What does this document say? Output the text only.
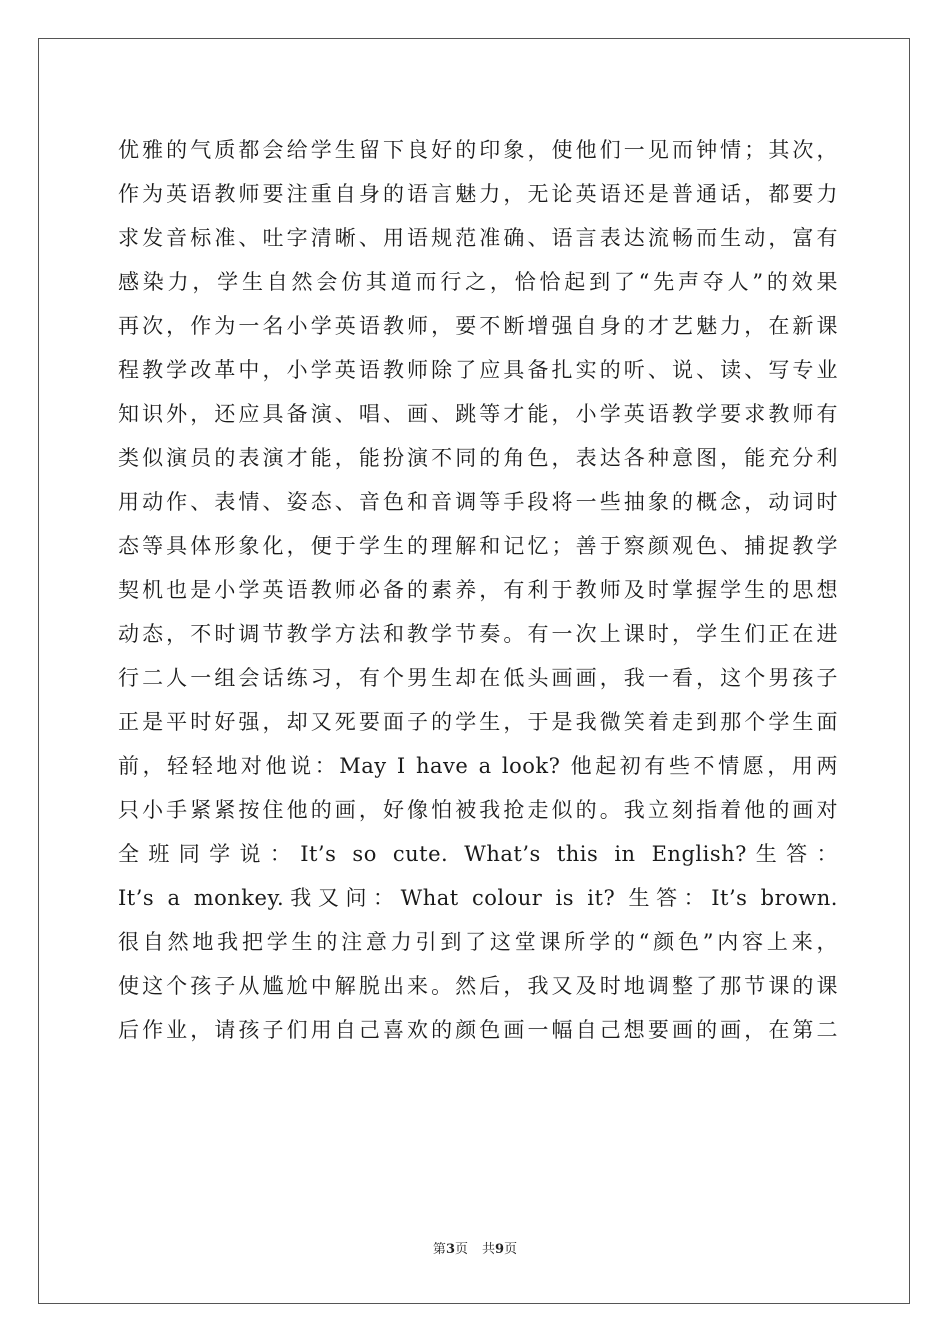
优雅的气质都会给学生留下良好的印象，使他们一见而钟情；其次，
作为英语教师要注重自身的语言魅力，无论英语还是普通话，都要力
求发音标准、吐字清晰、用语规范准确、语言表达流畅而生动，富有
感染力，学生自然会仿其道而行之，恰恰起到了“先声夺人”的效果
再次，作为一名小学英语教师，要不断增强自身的才艺魅力，在新课
程教学改革中，小学英语教师除了应具备扎实的听、说、读、写专业
知识外，还应具备演、唱、画、跳等才能，小学英语教学要求教师有
类似演员的表演才能，能扮演不同的角色，表达各种意图，能充分利
用动作、表情、姿态、音色和音调等手段将一些抽象的概念，动词时
态等具体形象化，便于学生的理解和记忆；善于察颜观色、捕捉教学
契机也是小学英语教师必备的素养，有利于教师及时掌握学生的思想
动态，不时调节教学方法和教学节奏。有一次上课时，学生们正在进
行二人一组会话练习，有个男生却在低头画画，我一看，这个男孩子
正是平时好强，却又死要面子的学生，于是我微笑着走到那个学生面
前，轻轻地对他说：May I have a look? 他起初有些不情愿，用两
只小手紧紧按住他的画，好像怕被我抢走似的。我立刻指着他的画对
全班同学说：It’s so cute. What’s this in English?生答：
It’s a monkey.我又问：What colour is it? 生答：It’s brown.
很自然地我把学生的注意力引到了这堂课所学的“颜色”内容上来，
使这个孩子从尴尬中解脱出来。然后，我又及时地调整了那节课的课
后作业，请孩子们用自己喜欢的颜色画一幅自己想要画的画，在第二
第3页 共9页
